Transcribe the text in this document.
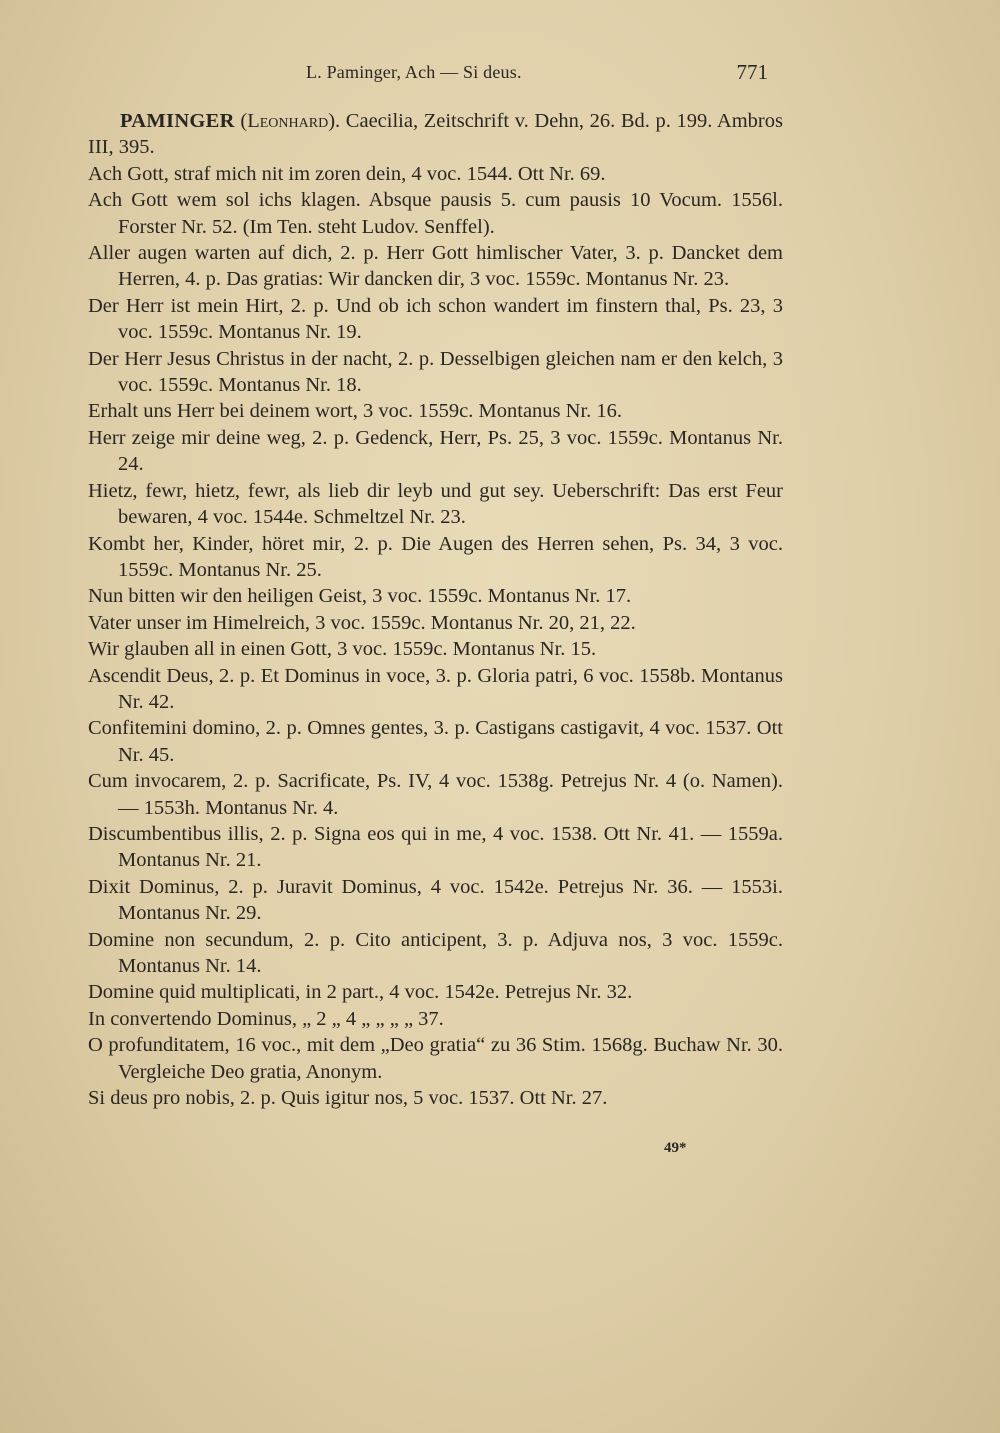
L. Paminger, Ach — Si deus.	771

PAMINGER (Leonhard). Caecilia, Zeitschrift v. Dehn, 26. Bd. p. 199. Ambros III, 395.

Ach Gott, straf mich nit im zoren dein, 4 voc. 1544. Ott Nr. 69.

Ach Gott wem sol ichs klagen. Absque pausis 5. cum pausis 10 Vocum. 1556l. Forster Nr. 52. (Im Ten. steht Ludov. Senffel).

Aller augen warten auf dich, 2. p. Herr Gott himlischer Vater, 3. p. Dancket dem Herren, 4. p. Das gratias: Wir dancken dir, 3 voc. 1559c. Montanus Nr. 23.

Der Herr ist mein Hirt, 2. p. Und ob ich schon wandert im finstern thal, Ps. 23, 3 voc. 1559c. Montanus Nr. 19.

Der Herr Jesus Christus in der nacht, 2. p. Desselbigen gleichen nam er den kelch, 3 voc. 1559c. Montanus Nr. 18.

Erhalt uns Herr bei deinem wort, 3 voc. 1559c. Montanus Nr. 16.

Herr zeige mir deine weg, 2. p. Gedenck, Herr, Ps. 25, 3 voc. 1559c. Montanus Nr. 24.

Hietz, fewr, hietz, fewr, als lieb dir leyb und gut sey. Ueberschrift: Das erst Feur bewaren, 4 voc. 1544e. Schmeltzel Nr. 23.

Kombt her, Kinder, höret mir, 2. p. Die Augen des Herren sehen, Ps. 34, 3 voc. 1559c. Montanus Nr. 25.

Nun bitten wir den heiligen Geist, 3 voc. 1559c. Montanus Nr. 17.

Vater unser im Himelreich, 3 voc. 1559c. Montanus Nr. 20, 21, 22.

Wir glauben all in einen Gott, 3 voc. 1559c. Montanus Nr. 15.

Ascendit Deus, 2. p. Et Dominus in voce, 3. p. Gloria patri, 6 voc. 1558b. Montanus Nr. 42.

Confitemini domino, 2. p. Omnes gentes, 3. p. Castigans castigavit, 4 voc. 1537. Ott Nr. 45.

Cum invocarem, 2. p. Sacrificate, Ps. IV, 4 voc. 1538g. Petrejus Nr. 4 (o. Namen). — 1553h. Montanus Nr. 4.

Discumbentibus illis, 2. p. Signa eos qui in me, 4 voc. 1538. Ott Nr. 41. — 1559a. Montanus Nr. 21.

Dixit Dominus, 2. p. Juravit Dominus, 4 voc. 1542e. Petrejus Nr. 36. — 1553i. Montanus Nr. 29.

Domine non secundum, 2. p. Cito anticipent, 3. p. Adjuva nos, 3 voc. 1559c. Montanus Nr. 14.

Domine quid multiplicati, in 2 part., 4 voc. 1542e. Petrejus Nr. 32.

In convertendo Dominus, „ 2 „ 4 „ „ „ „ 37.

O profunditatem, 16 voc., mit dem „Deo gratia“ zu 36 Stim. 1568g. Buchaw Nr. 30. Vergleiche Deo gratia, Anonym.

Si deus pro nobis, 2. p. Quis igitur nos, 5 voc. 1537. Ott Nr. 27.

49*
